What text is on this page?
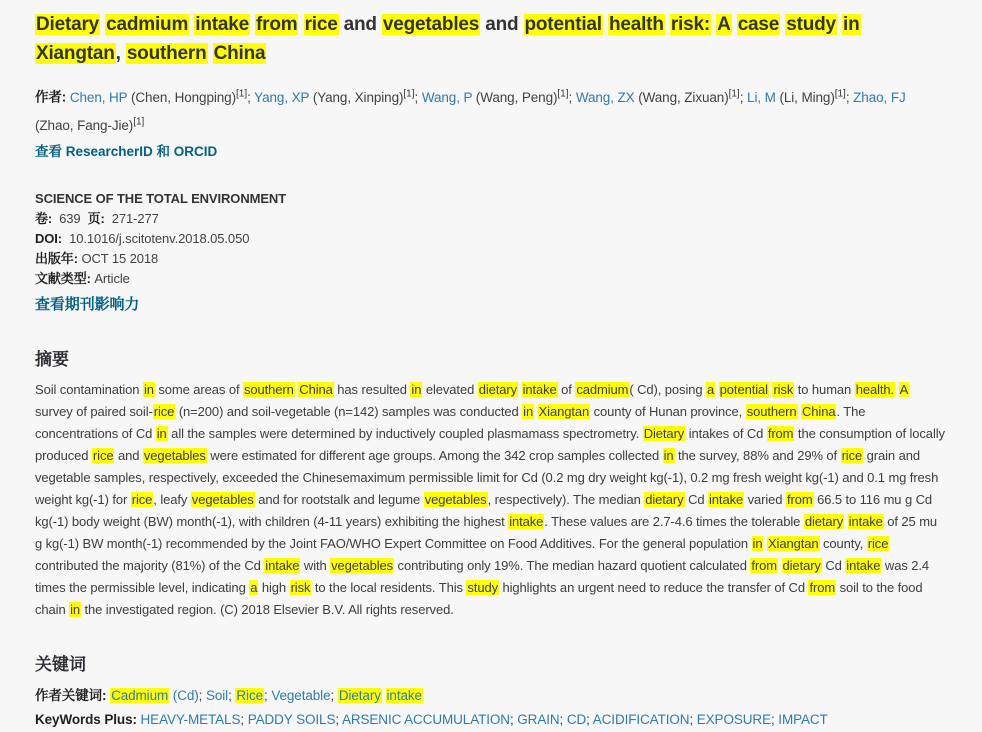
Dietary cadmium intake from rice and vegetables and potential health risk: A case study in Xiangtan, southern China

作者: Chen, HP (Chen, Hongping)[1]; Yang, XP (Yang, Xinping)[1]; Wang, P (Wang, Peng)[1]; Wang, ZX (Wang, Zixuan)[1]; Li, M (Li, Ming)[1]; Zhao, FJ (Zhao, Fang-Jie)[1]

查看 ResearcherID 和 ORCID

SCIENCE OF THE TOTAL ENVIRONMENT

卷: 639 页: 271-277

DOI: 10.1016/j.scitotenv.2018.05.050

出版年: OCT 15 2018

文献类型: Article

查看期刊影响力

摘要

Soil contamination in some areas of southern China has resulted in elevated dietary intake of cadmium( Cd), posing a potential risk to human health. A survey of paired soil-rice (n=200) and soil-vegetable (n=142) samples was conducted in Xiangtan county of Hunan province, southern China. The concentrations of Cd in all the samples were determined by inductively coupled plasmamass spectrometry. Dietary intakes of Cd from the consumption of locally produced rice and vegetables were estimated for different age groups. Among the 342 crop samples collected in the survey, 88% and 29% of rice grain and vegetable samples, respectively, exceeded the Chinesemaximum permissible limit for Cd (0.2 mg dry weight kg(-1), 0.2 mg fresh weight kg(-1) and 0.1 mg fresh weight kg(-1) for rice, leafy vegetables and for rootstalk and legume vegetables, respectively). The median dietary Cd intake varied from 66.5 to 116 mu g Cd kg(-1) body weight (BW) month(-1), with children (4-11 years) exhibiting the highest intake. These values are 2.7-4.6 times the tolerable dietary intake of 25 mu g kg(-1) BW month(-1) recommended by the Joint FAO/WHO Expert Committee on Food Additives. For the general population in Xiangtan county, rice contributed the majority (81%) of the Cd intake with vegetables contributing only 19%. The median hazard quotient calculated from dietary Cd intake was 2.4 times the permissible level, indicating a high risk to the local residents. This study highlights an urgent need to reduce the transfer of Cd from soil to the food chain in the investigated region. (C) 2018 Elsevier B.V. All rights reserved.

关键词

作者关键词: Cadmium (Cd); Soil; Rice; Vegetable; Dietary intake

KeyWords Plus: HEAVY-METALS; PADDY SOILS; ARSENIC ACCUMULATION; GRAIN; CD; ACIDIFICATION; EXPOSURE; IMPACT
